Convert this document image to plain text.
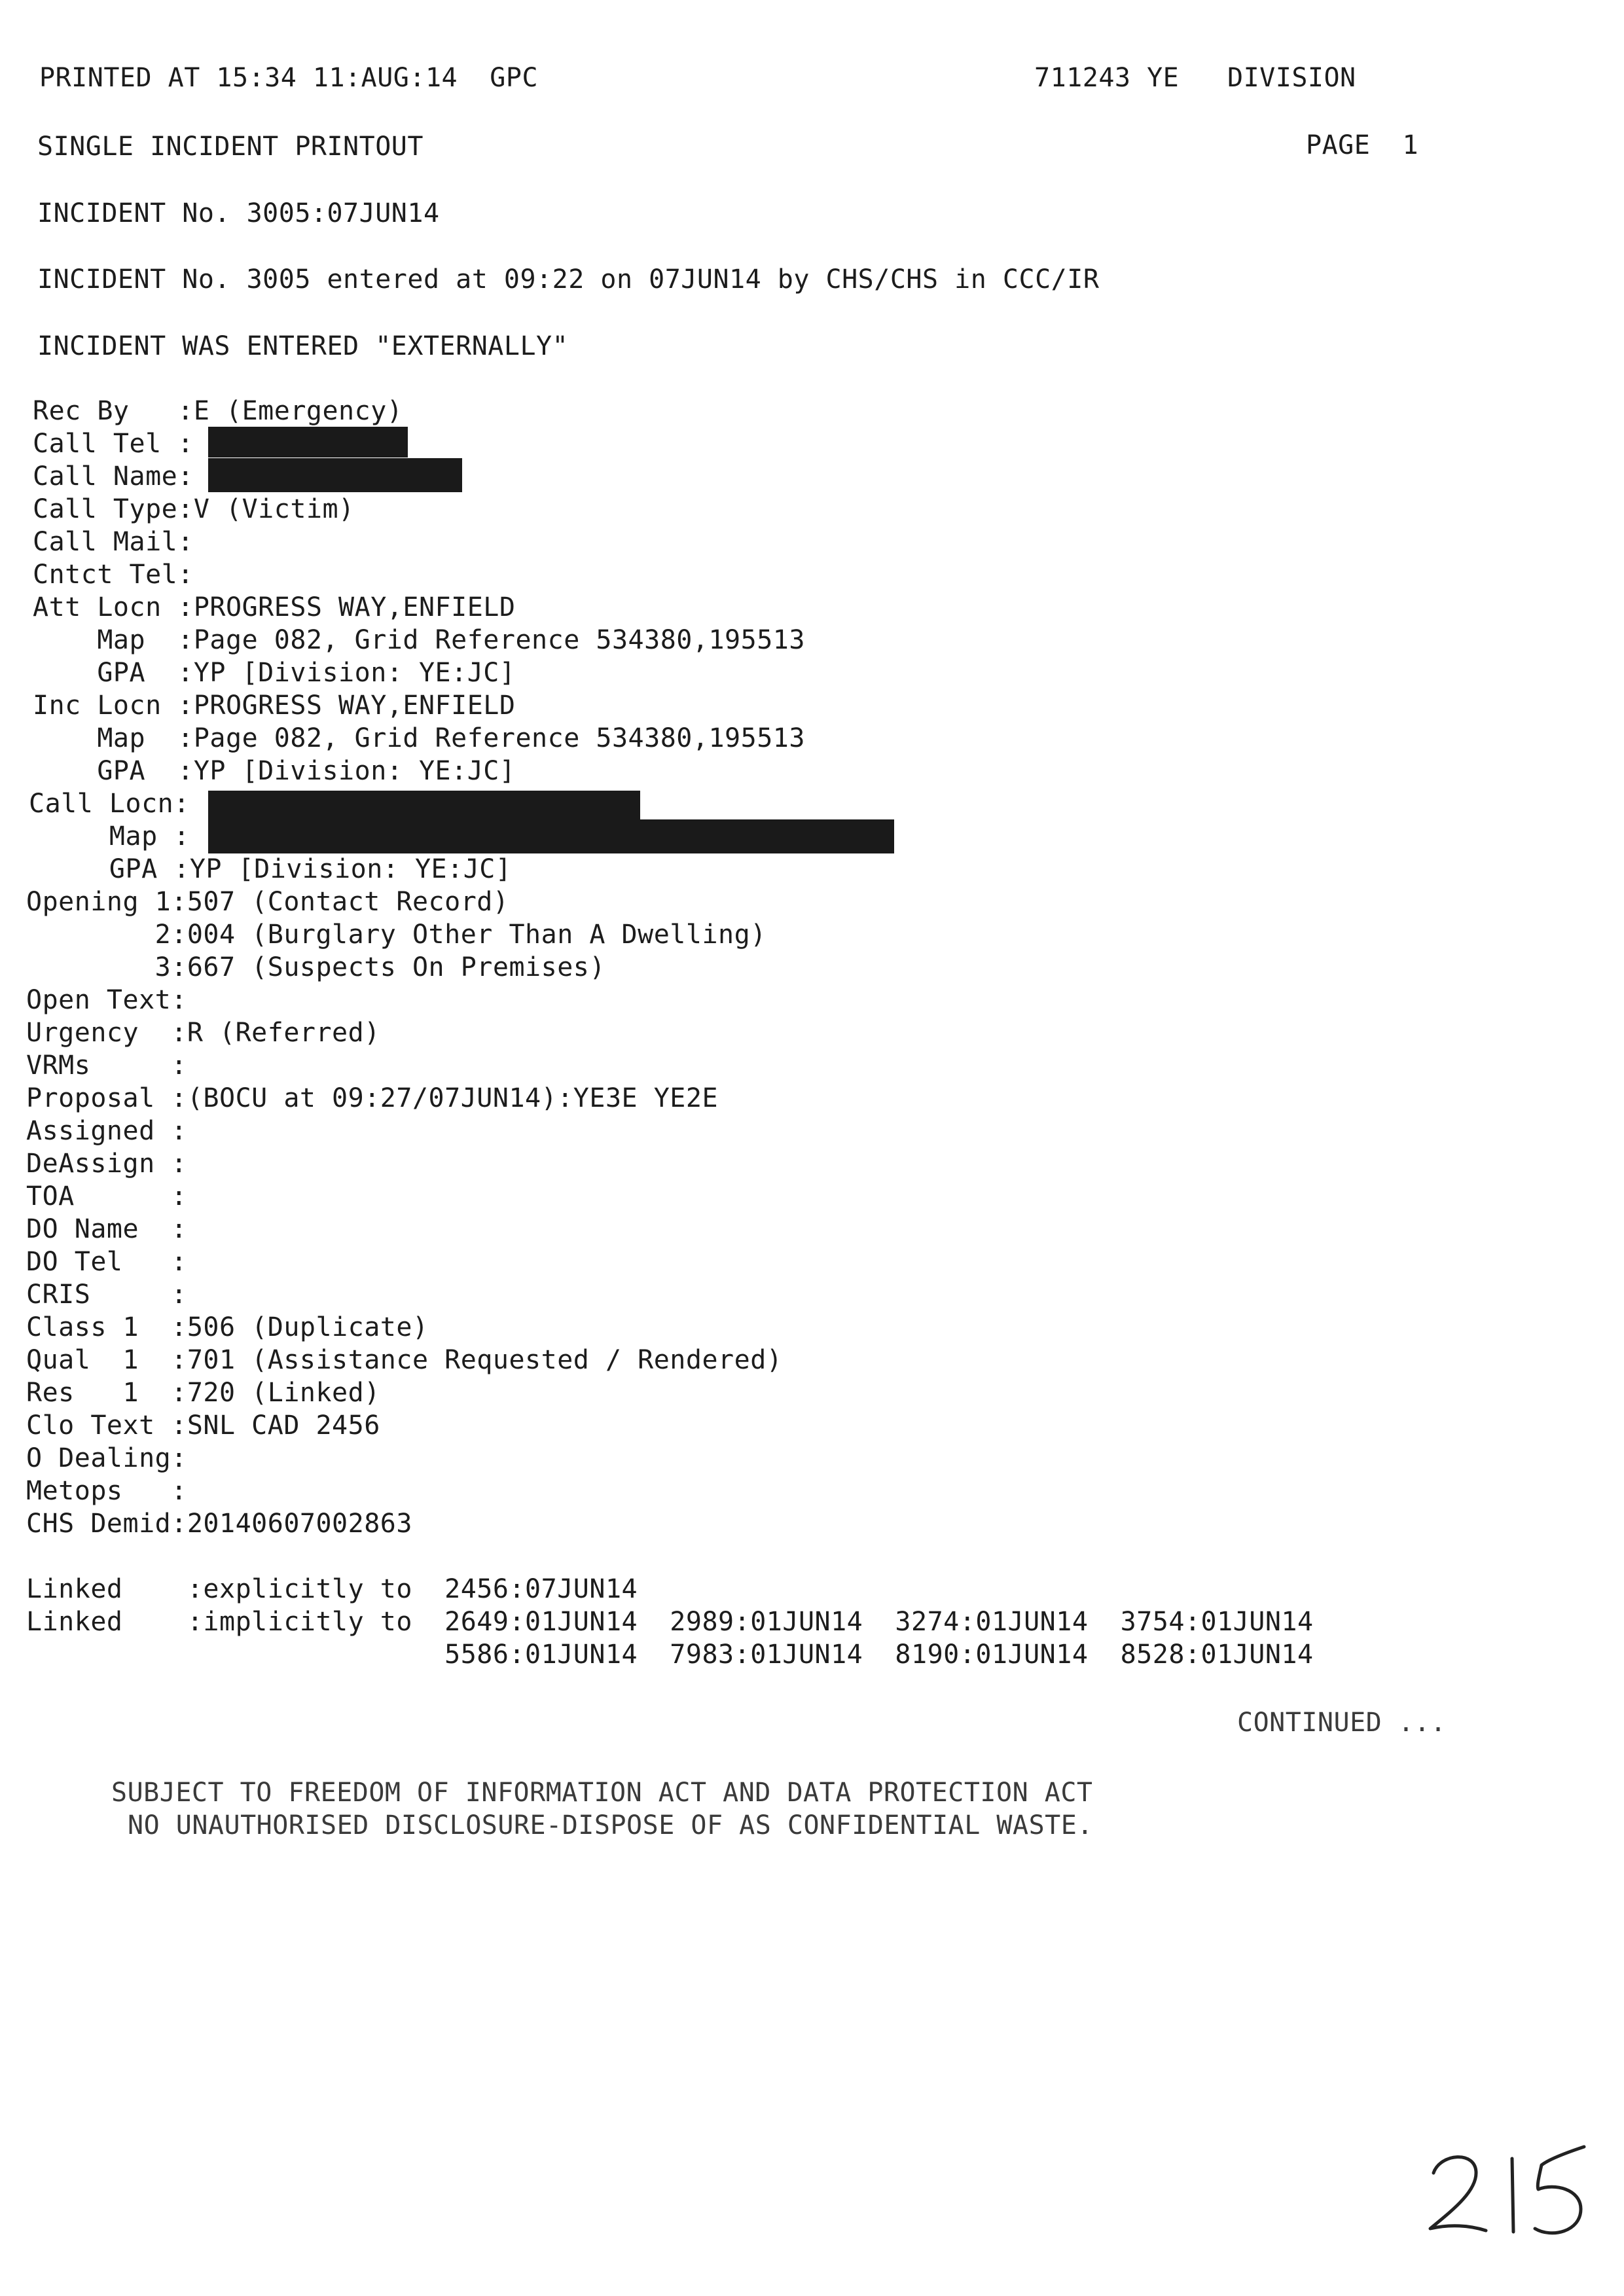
PRINTED AT 15:34 11:AUG:14  GPC	711243 YE   DIVISION
SINGLE INCIDENT PRINTOUT	PAGE  1
INCIDENT No. 3005:07JUN14
INCIDENT No. 3005 entered at 09:22 on 07JUN14 by CHS/CHS in CCC/IR
INCIDENT WAS ENTERED "EXTERNALLY"
Rec By   :E (Emergency)
Call Tel :
Call Name:
Call Type:V (Victim)
Call Mail:
Cntct Tel:
Att Locn :PROGRESS WAY,ENFIELD
Map  :Page 082, Grid Reference 534380,195513
GPA  :YP [Division: YE:JC]
Inc Locn :PROGRESS WAY,ENFIELD
Map  :Page 082, Grid Reference 534380,195513
GPA  :YP [Division: YE:JC]
Call Locn:
Map :
GPA :YP [Division: YE:JC]
Opening 1:507 (Contact Record)
2:004 (Burglary Other Than A Dwelling)
3:667 (Suspects On Premises)
Open Text:
Urgency  :R (Referred)
VRMs     :
Proposal :(BOCU at 09:27/07JUN14):YE3E YE2E
Assigned :
DeAssign :
TOA      :
DO Name  :
DO Tel   :
CRIS     :
Class 1  :506 (Duplicate)
Qual  1  :701 (Assistance Requested / Rendered)
Res   1  :720 (Linked)
Clo Text :SNL CAD 2456
O Dealing:
Metops   :
CHS Demid:20140607002863
Linked    :explicitly to  2456:07JUN14
Linked    :implicitly to  2649:01JUN14  2989:01JUN14  3274:01JUN14  3754:01JUN14
5586:01JUN14  7983:01JUN14  8190:01JUN14  8528:01JUN14
CONTINUED ...
SUBJECT TO FREEDOM OF INFORMATION ACT AND DATA PROTECTION ACT
NO UNAUTHORISED DISCLOSURE-DISPOSE OF AS CONFIDENTIAL WASTE.
